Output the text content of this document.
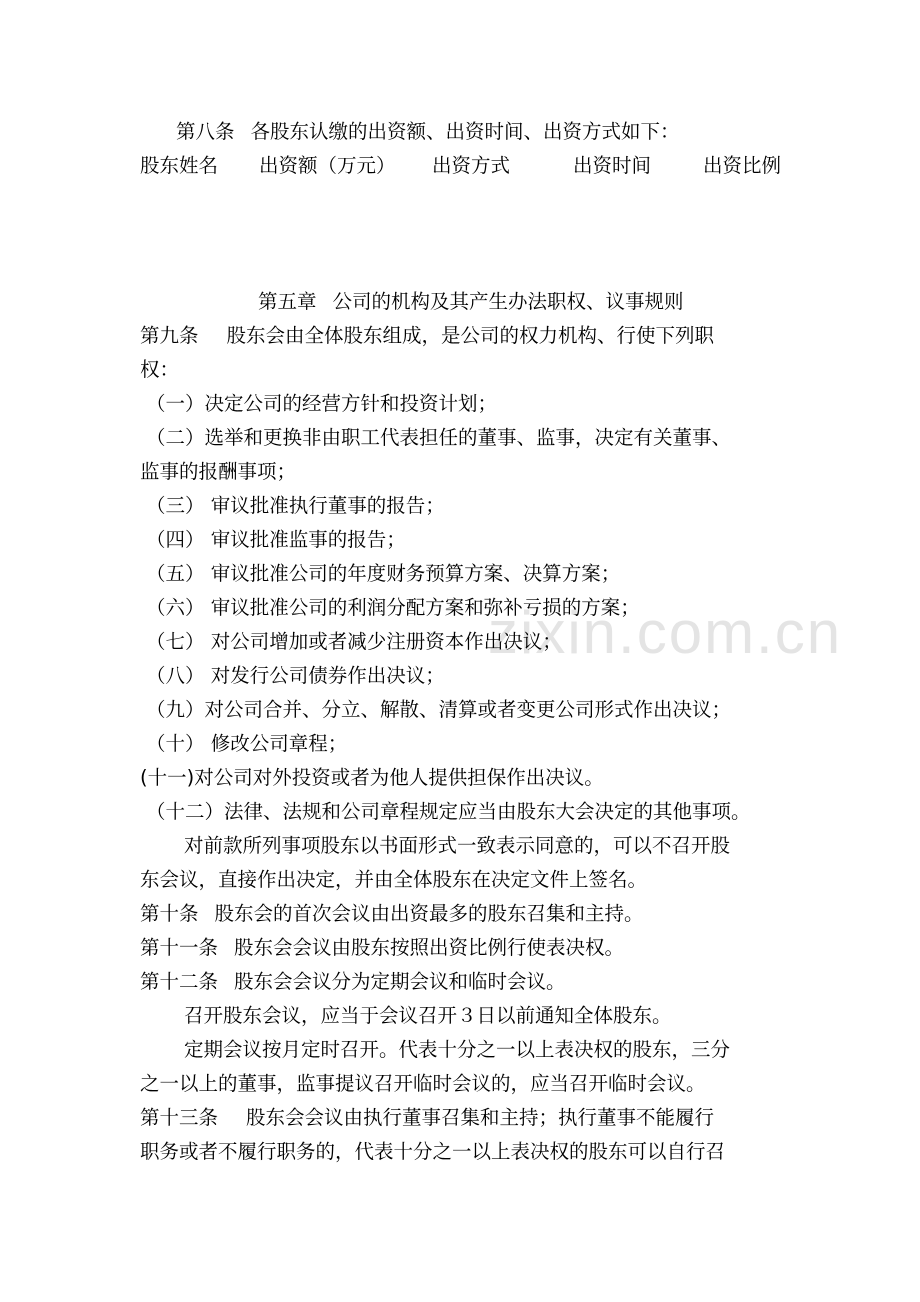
zixin.com.cn
第八条 各股东认缴的出资额、出资时间、出资方式如下：
股东姓名 出资额（万元） 出资方式	出资时间	出资比例
第五章 公司的机构及其产生办法职权、议事规则
第九条 股东会由全体股东组成，是公司的权力机构、行使下列职
权：
（一）决定公司的经营方针和投资计划；
（二）选举和更换非由职工代表担任的董事、监事，决定有关董事、
监事的报酬事项；
（三） 审议批准执行董事的报告；
（四） 审议批准监事的报告；
（五） 审议批准公司的年度财务预算方案、决算方案；
（六） 审议批准公司的利润分配方案和弥补亏损的方案；
（七） 对公司增加或者减少注册资本作出决议；
（八） 对发行公司债券作出决议；
（九）对公司合并、分立、解散、清算或者变更公司形式作出决议；
（十） 修改公司章程；
(十一)对公司对外投资或者为他人提供担保作出决议。
（十二）法律、法规和公司章程规定应当由股东大会决定的其他事项。
对前款所列事项股东以书面形式一致表示同意的，可以不召开股
东会议，直接作出决定，并由全体股东在决定文件上签名。
第十条 股东会的首次会议由出资最多的股东召集和主持。
第十一条 股东会会议由股东按照出资比例行使表决权。
第十二条 股东会会议分为定期会议和临时会议。
召开股东会议，应当于会议召开３日以前通知全体股东。
定期会议按月定时召开。代表十分之一以上表决权的股东，三分
之一以上的董事，监事提议召开临时会议的，应当召开临时会议。
第十三条 股东会会议由执行董事召集和主持；执行董事不能履行
职务或者不履行职务的，代表十分之一以上表决权的股东可以自行召
